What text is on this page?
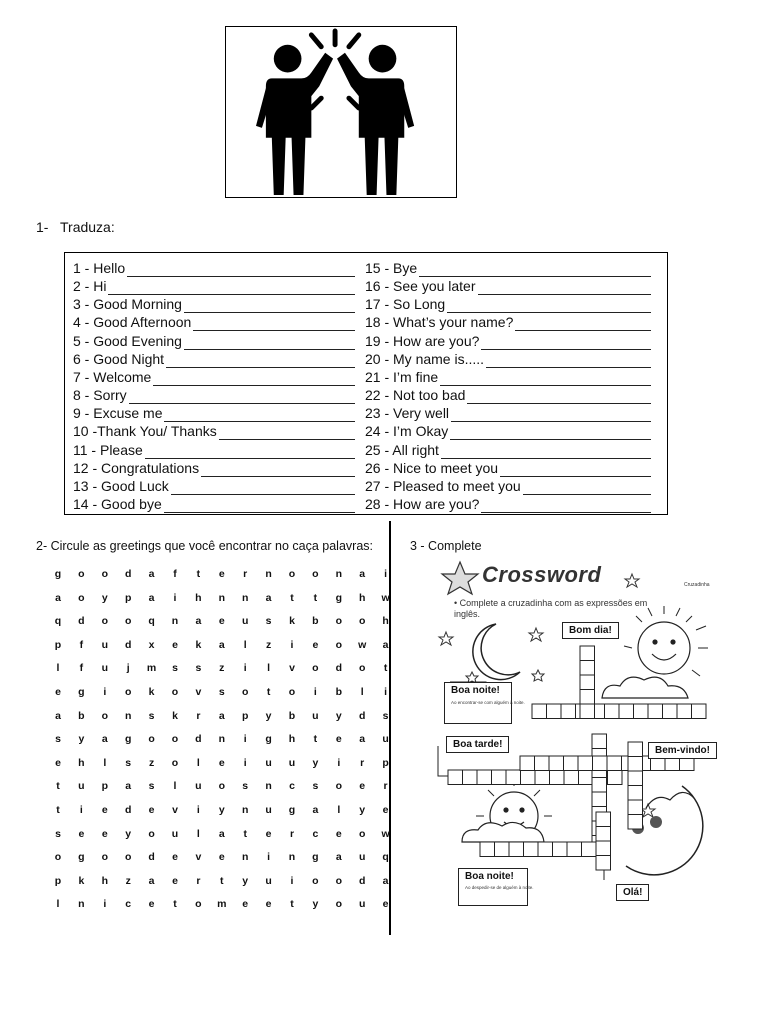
1- Traduza:
1 - Hello	15 - Bye
2 - Hi	16 - See you later
3 - Good Morning	17 - So Long
4 - Good Afternoon	18 - What’s your name?
5 - Good Evening	19 - How are you?
6 - Good Night	20 - My name is.....
7 - Welcome	21 - I’m fine
8 - Sorry	22 - Not too bad
9 - Excuse me	23 - Very well
10 -Thank You/ Thanks	24 - I’m Okay
11 - Please	25 - All right
12 - Congratulations	26 - Nice to meet you
13 - Good Luck	27 - Pleased to meet you
14 - Good bye	28 - How are you?
2- Circule as greetings que você encontrar no caça palavras:
g	o	o	d	a	f	t	e	r	n	o	o	n	a	i
a	o	y	p	a	i	h	n	n	a	t	t	g	h	w
q	d	o	o	q	n	a	e	u	s	k	b	o	o	h
p	f	u	d	x	e	k	a	l	z	i	e	o	w	a
l	f	u	j	m	s	s	z	i	l	v	o	d	o	t
e	g	i	o	k	o	v	s	o	t	o	i	b	l	i
a	b	o	n	s	k	r	a	p	y	b	u	y	d	s
s	y	a	g	o	o	d	n	i	g	h	t	e	a	u
e	h	l	s	z	o	l	e	i	u	u	y	i	r	p
t	u	p	a	s	l	u	o	s	n	c	s	o	e	r
t	i	e	d	e	v	i	y	n	u	g	a	l	y	e
s	e	e	y	o	u	l	a	t	e	r	c	e	o	w
o	g	o	o	d	e	v	e	n	i	n	g	a	u	q
p	k	h	z	a	e	r	t	y	u	i	o	o	d	a
l	n	i	c	e	t	o	m	e	e	t	y	o	u	e
3 - Complete
Crossword	Cruzadinha
• Complete a cruzadinha com as expressões em inglês.
Bom dia!
Boa noite!
Ao encontrar-se com alguém à noite.
Boa tarde!
Bem-vindo!
Boa noite!
Ao despedir-se de alguém à noite.	Olá!
